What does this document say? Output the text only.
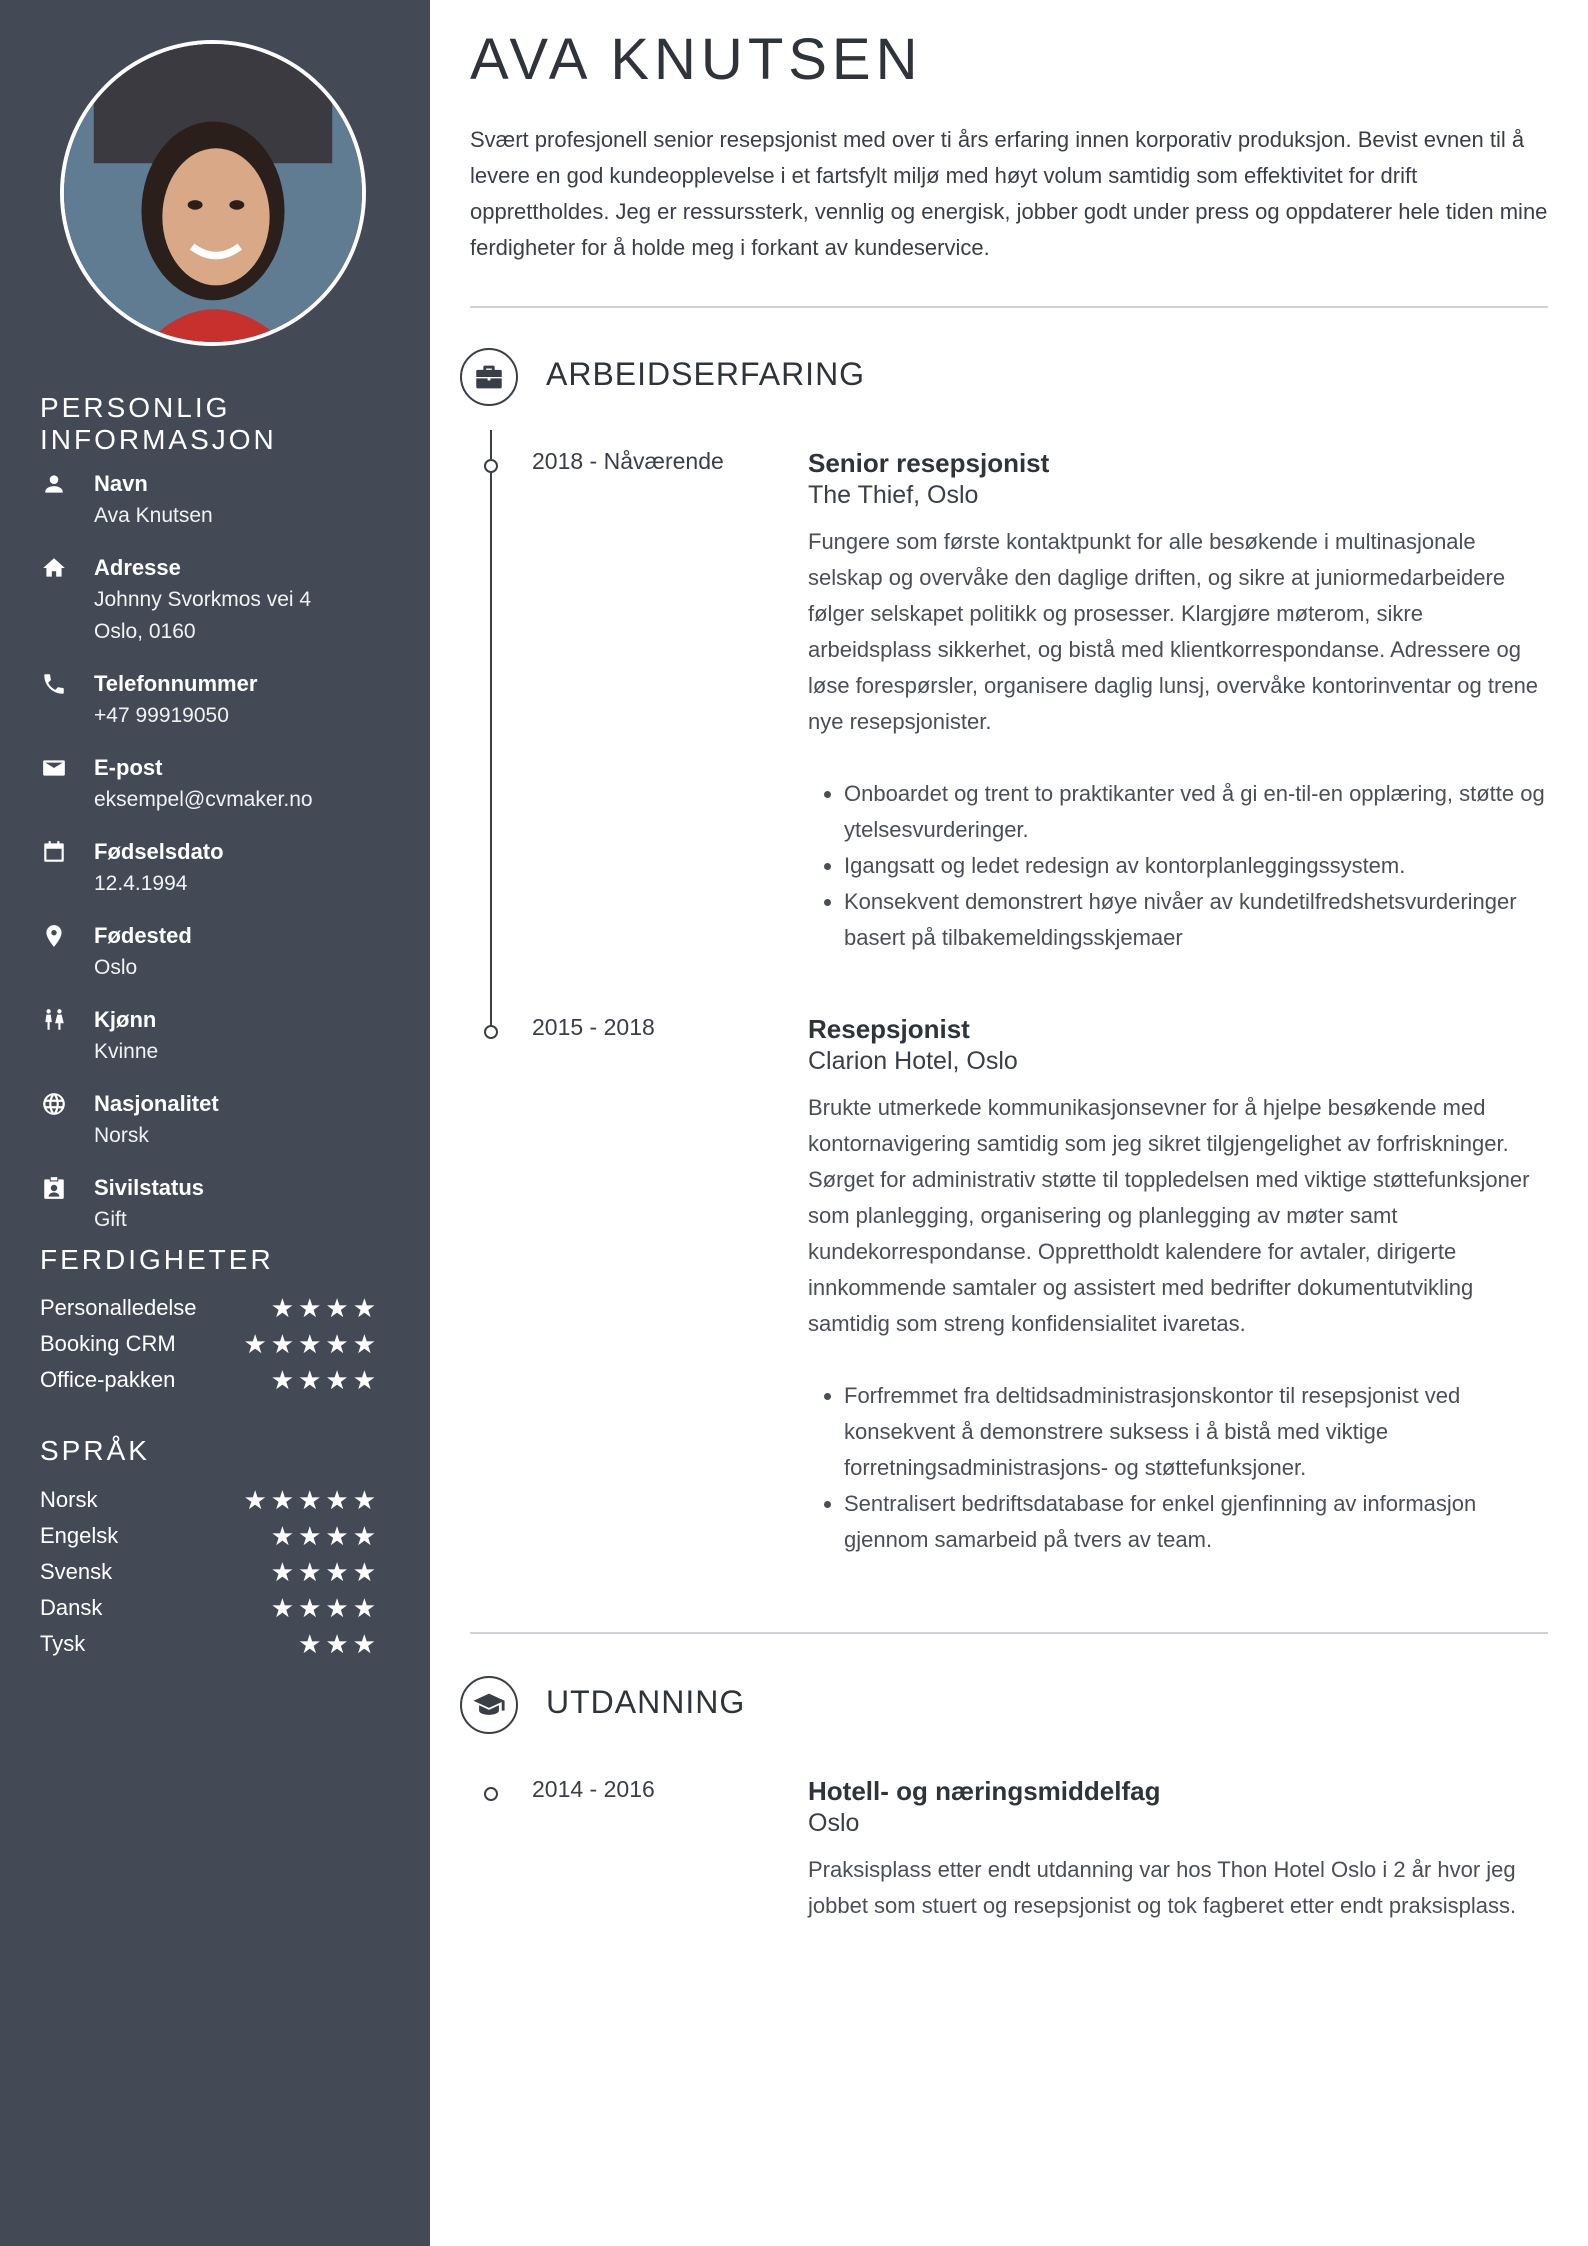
PERSONLIG
INFORMASJON
Navn
Ava Knutsen
Adresse
Johnny Svorkmos vei 4
Oslo, 0160
Telefonnummer
+47 99919050
E-post
eksempel@cvmaker.no
Fødselsdato
12.4.1994
Fødested
Oslo
Kjønn
Kvinne
Nasjonalitet
Norsk
Sivilstatus
Gift
FERDIGHETER
Personalledelse	★★★★
Booking CRM	★★★★★
Office-pakken	★★★★
SPRÅK
Norsk	★★★★★
Engelsk	★★★★
Svensk	★★★★
Dansk	★★★★
Tysk	★★★
AVA KNUTSEN

Svært profesjonell senior resepsjonist med over ti års erfaring innen korporativ produksjon. Bevist evnen til å levere en god kundeopplevelse i et fartsfylt miljø med høyt volum samtidig som effektivitet for drift opprettholdes. Jeg er ressurssterk, vennlig og energisk, jobber godt under press og oppdaterer hele tiden mine ferdigheter for å holde meg i forkant av kundeservice.

ARBEIDSERFARING
2018 - Nåværende	Senior resepsjonist

The Thief, Oslo

Fungere som første kontaktpunkt for alle besøkende i multinasjonale selskap og overvåke den daglige driften, og sikre at juniormedarbeidere følger selskapet politikk og prosesser. Klargjøre møterom, sikre arbeidsplass sikkerhet, og bistå med klientkorrespondanse. Adressere og løse forespørsler, organisere daglig lunsj, overvåke kontorinventar og trene nye resepsjonister.

• Onboardet og trent to praktikanter ved å gi en-til-en opplæring, støtte og ytelsesvurderinger.
• Igangsatt og ledet redesign av kontorplanleggingssystem.
• Konsekvent demonstrert høye nivåer av kundetilfredshetsvurderinger basert på tilbakemeldingsskjemaer
2015 - 2018	Resepsjonist

Clarion Hotel, Oslo

Brukte utmerkede kommunikasjonsevner for å hjelpe besøkende med kontornavigering samtidig som jeg sikret tilgjengelighet av forfriskninger. Sørget for administrativ støtte til toppledelsen med viktige støttefunksjoner som planlegging, organisering og planlegging av møter samt kundekorrespondanse. Opprettholdt kalendere for avtaler, dirigerte innkommende samtaler og assistert med bedrifter dokumentutvikling samtidig som streng konfidensialitet ivaretas.

• Forfremmet fra deltidsadministrasjonskontor til resepsjonist ved konsekvent å demonstrere suksess i å bistå med viktige forretningsadministrasjons- og støttefunksjoner.
• Sentralisert bedriftsdatabase for enkel gjenfinning av informasjon gjennom samarbeid på tvers av team.
UTDANNING
2014 - 2016	Hotell- og næringsmiddelfag

Oslo

Praksisplass etter endt utdanning var hos Thon Hotel Oslo i 2 år hvor jeg jobbet som stuert og resepsjonist og tok fagberet etter endt praksisplass.
